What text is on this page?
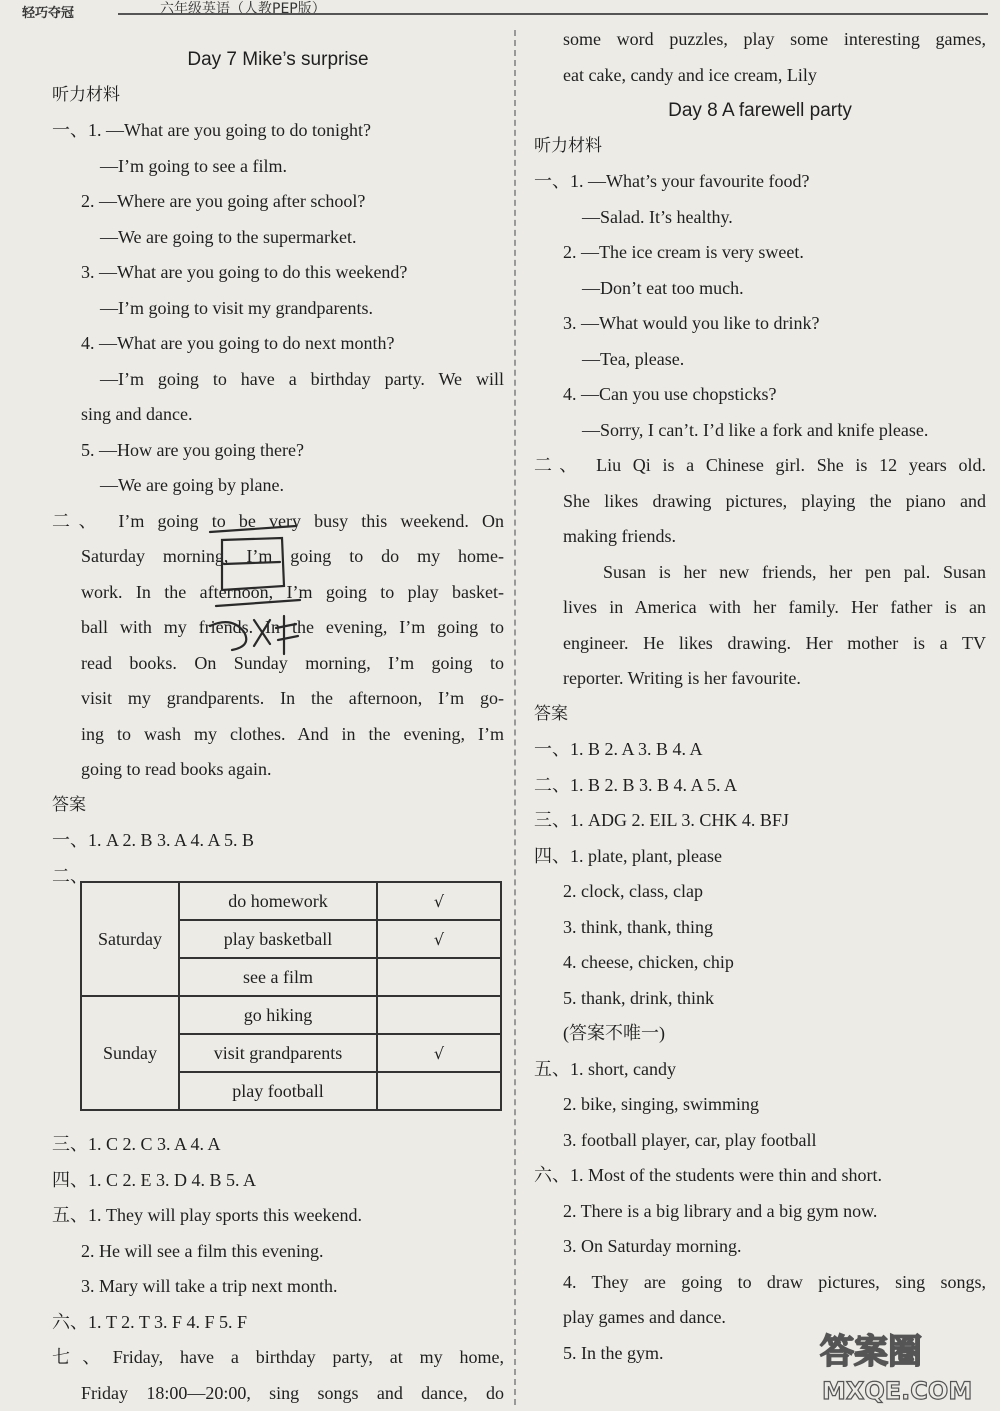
轻巧夺冠	六年级英语（人教PEP版）
Day 7 Mike’s surprise
听力材料
一、1. —What are you going to do tonight?
—I’m going to see a film.
2. —Where are you going after school?
—We are going to the supermarket.
3. —What are you going to do this weekend?
—I’m going to visit my grandparents.
4. —What are you going to do next month?
—I’m going to have a birthday party. We will
sing and dance.
5. —How are you going there?
—We are going by plane.
二、 I’m going to be very busy this weekend. On
Saturday morning, I’m going to do my home-
work. In the afternoon, I’m going to play basket-
ball with my friends. In the evening, I’m going to
read books. On Sunday morning, I’m going to
visit my grandparents. In the afternoon, I’m go-
ing to wash my clothes. And in the evening, I’m
going to read books again.
答案
一、1. A 2. B 3. A 4. A 5. B
二、
Saturday	do homework	√
	play basketball	√
	see a film	
Sunday	go hiking	
	visit grandparents	√
	play football	
三、1. C 2. C 3. A 4. A
四、1. C 2. E 3. D 4. B 5. A
五、1. They will play sports this weekend.
2. He will see a film this evening.
3. Mary will take a trip next month.
六、1. T 2. T 3. F 4. F 5. F
七、Friday, have a birthday party, at my home,
Friday 18:00—20:00, sing songs and dance, do
some word puzzles, play some interesting games,
eat cake, candy and ice cream, Lily
Day 8 A farewell party
听力材料
一、1. —What’s your favourite food?
—Salad. It’s healthy.
2. —The ice cream is very sweet.
—Don’t eat too much.
3. —What would you like to drink?
—Tea, please.
4. —Can you use chopsticks?
—Sorry, I can’t. I’d like a fork and knife please.
二、 Liu Qi is a Chinese girl. She is 12 years old.
She likes drawing pictures, playing the piano and
making friends.
Susan is her new friends, her pen pal. Susan
lives in America with her family. Her father is an
engineer. He likes drawing. Her mother is a TV
reporter. Writing is her favourite.
答案
一、1. B 2. A 3. B 4. A
二、1. B 2. B 3. B 4. A 5. A
三、1. ADG 2. EIL 3. CHK 4. BFJ
四、1. plate, plant, please
2. clock, class, clap
3. think, thank, thing
4. cheese, chicken, chip
5. thank, drink, think
(答案不唯一)
五、1. short, candy
2. bike, singing, swimming
3. football player, car, play football
六、1. Most of the students were thin and short.
2. There is a big library and a big gym now.
3. On Saturday morning.
4. They are going to draw pictures, sing songs,
play games and dance.
5. In the gym.	答案圈
MXQE.COM
